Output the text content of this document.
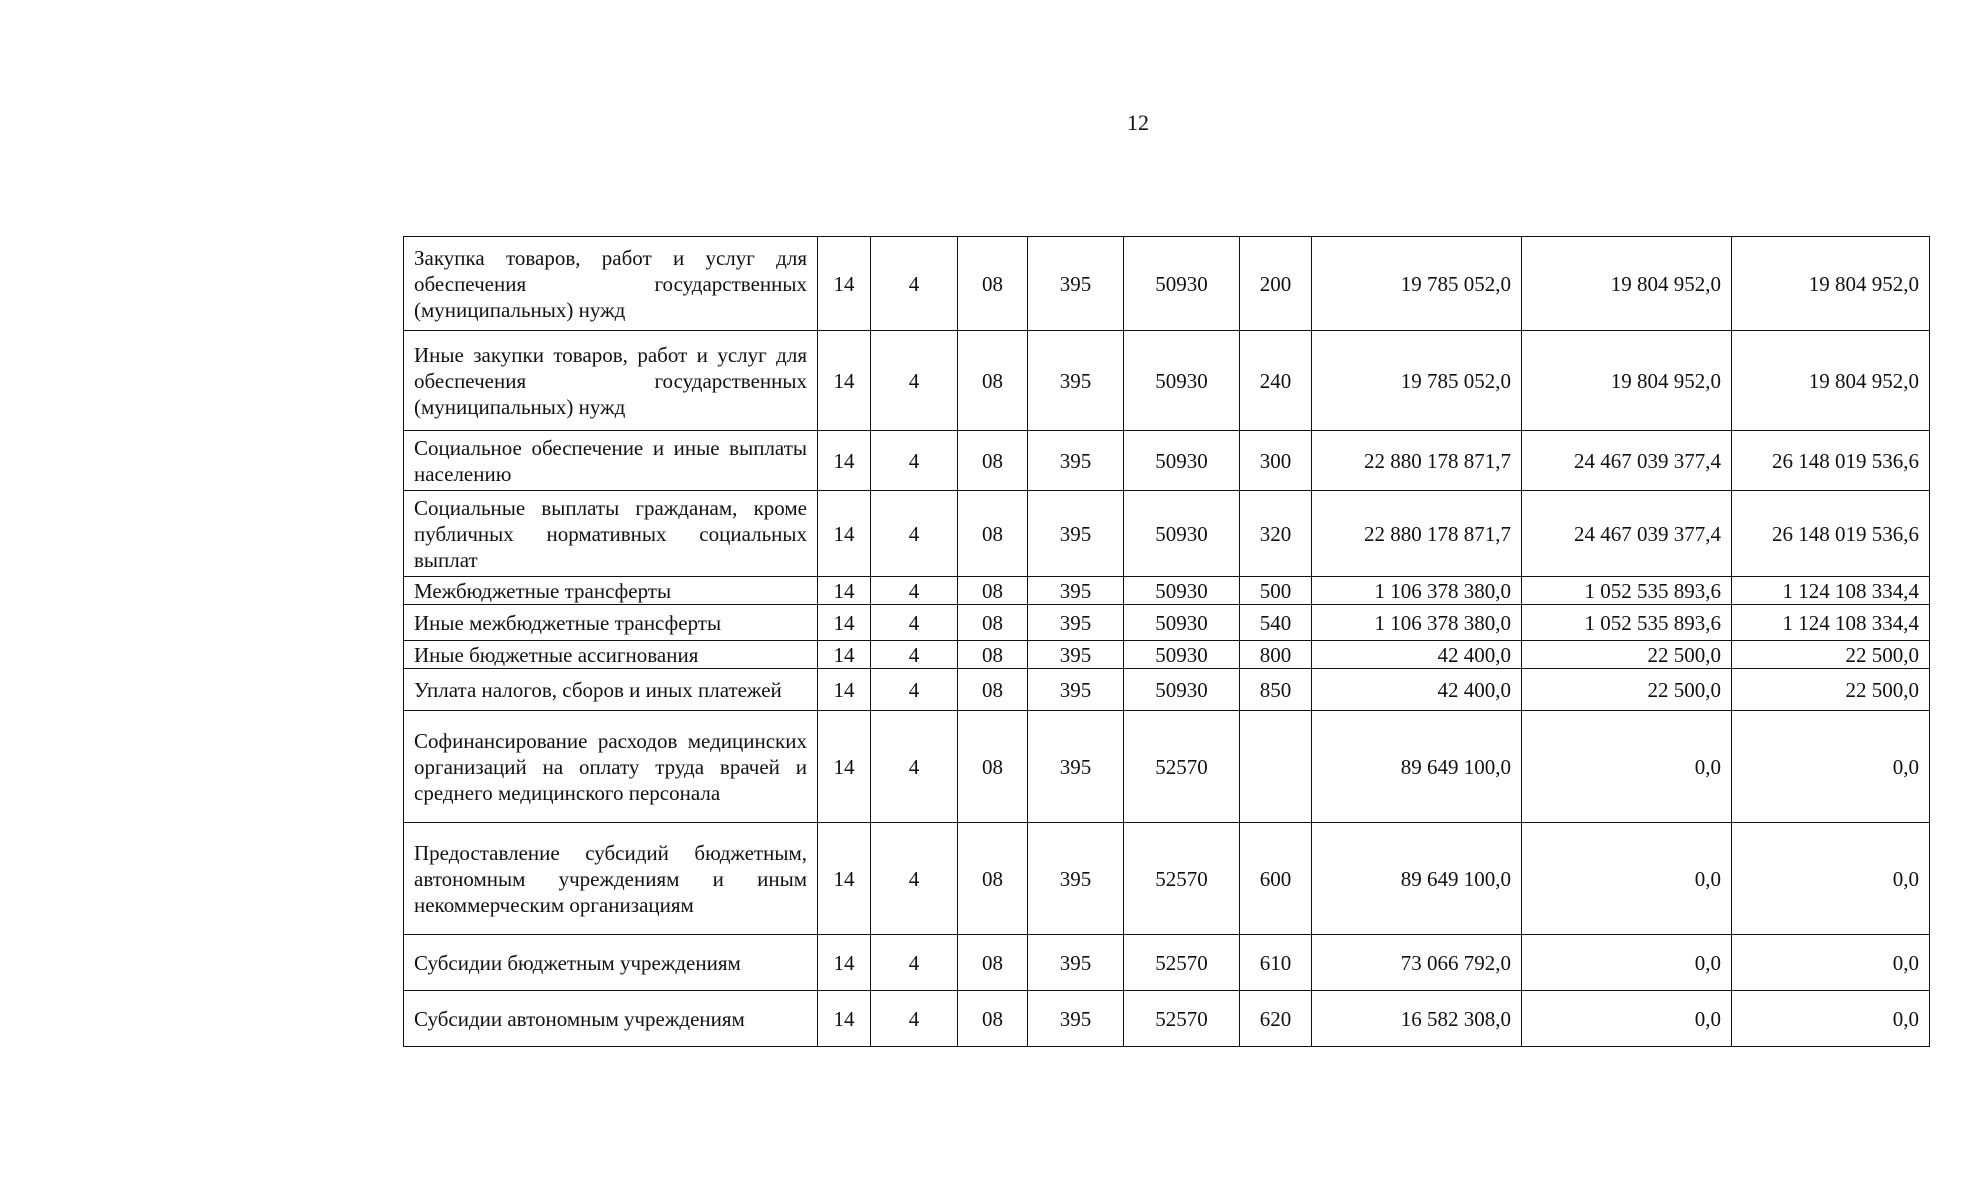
12
Закупка товаров, работ и услуг для обеспечения государственных (муниципальных) нужд	14	4	08	395	50930	200	19 785 052,0	19 804 952,0	19 804 952,0
Иные закупки товаров, работ и услуг для обеспечения государственных (муниципальных) нужд	14	4	08	395	50930	240	19 785 052,0	19 804 952,0	19 804 952,0
Социальное обеспечение и иные выплаты населению	14	4	08	395	50930	300	22 880 178 871,7	24 467 039 377,4	26 148 019 536,6
Социальные выплаты гражданам, кроме публичных нормативных социальных выплат	14	4	08	395	50930	320	22 880 178 871,7	24 467 039 377,4	26 148 019 536,6
Межбюджетные трансферты	14	4	08	395	50930	500	1 106 378 380,0	1 052 535 893,6	1 124 108 334,4
Иные межбюджетные трансферты	14	4	08	395	50930	540	1 106 378 380,0	1 052 535 893,6	1 124 108 334,4
Иные бюджетные ассигнования	14	4	08	395	50930	800	42 400,0	22 500,0	22 500,0
Уплата налогов, сборов и иных платежей	14	4	08	395	50930	850	42 400,0	22 500,0	22 500,0
Софинансирование расходов медицинских организаций на оплату труда врачей и среднего медицинского персонала	14	4	08	395	52570		89 649 100,0	0,0	0,0
Предоставление субсидий бюджетным, автономным учреждениям и иным некоммерческим организациям	14	4	08	395	52570	600	89 649 100,0	0,0	0,0
Субсидии бюджетным учреждениям	14	4	08	395	52570	610	73 066 792,0	0,0	0,0
Субсидии автономным учреждениям	14	4	08	395	52570	620	16 582 308,0	0,0	0,0
